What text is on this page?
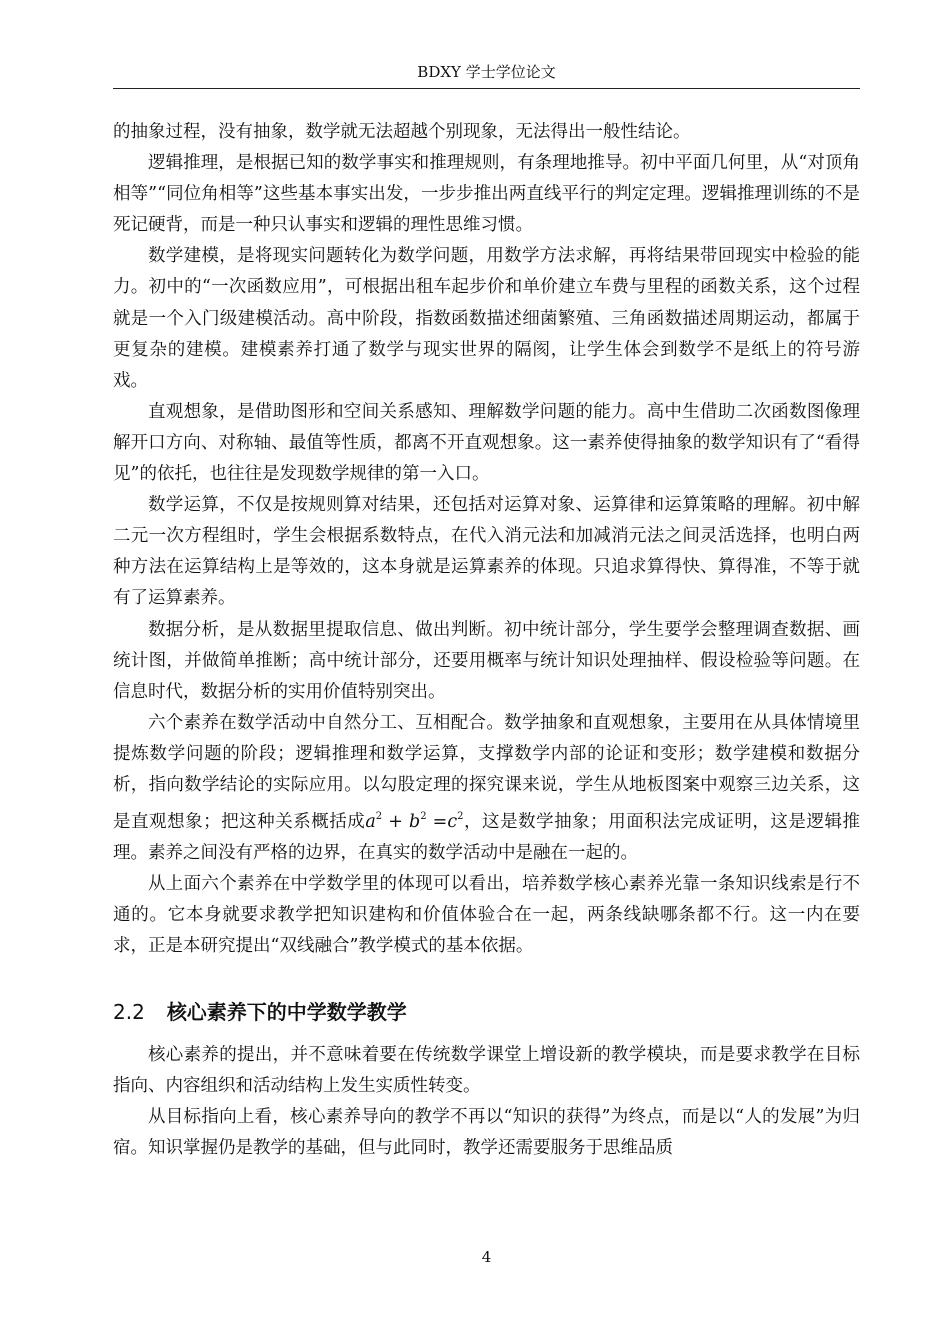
BDXY 学士学位论文

的抽象过程，没有抽象，数学就无法超越个别现象，无法得出一般性结论。

逻辑推理，是根据已知的数学事实和推理规则，有条理地推导。初中平面几何里，从“对顶角相等”“同位角相等”这些基本事实出发，一步步推出两直线平行的判定定理。逻辑推理训练的不是死记硬背，而是一种只认事实和逻辑的理性思维习惯。

数学建模，是将现实问题转化为数学问题，用数学方法求解，再将结果带回现实中检验的能力。初中的“一次函数应用”，可根据出租车起步价和单价建立车费与里程的函数关系，这个过程就是一个入门级建模活动。高中阶段，指数函数描述细菌繁殖、三角函数描述周期运动，都属于更复杂的建模。建模素养打通了数学与现实世界的隔阂，让学生体会到数学不是纸上的符号游戏。

直观想象，是借助图形和空间关系感知、理解数学问题的能力。高中生借助二次函数图像理解开口方向、对称轴、最值等性质，都离不开直观想象。这一素养使得抽象的数学知识有了“看得见”的依托，也往往是发现数学规律的第一入口。

数学运算，不仅是按规则算对结果，还包括对运算对象、运算律和运算策略的理解。初中解二元一次方程组时，学生会根据系数特点，在代入消元法和加减消元法之间灵活选择，也明白两种方法在运算结构上是等效的，这本身就是运算素养的体现。只追求算得快、算得准，不等于就有了运算素养。

数据分析，是从数据里提取信息、做出判断。初中统计部分，学生要学会整理调查数据、画统计图，并做简单推断；高中统计部分，还要用概率与统计知识处理抽样、假设检验等问题。在信息时代，数据分析的实用价值特别突出。

六个素养在数学活动中自然分工、互相配合。数学抽象和直观想象，主要用在从具体情境里提炼数学问题的阶段；逻辑推理和数学运算，支撑数学内部的论证和变形；数学建模和数据分析，指向数学结论的实际应用。以勾股定理的探究课来说，学生从地板图案中观察三边关系，这是直观想象；把这种关系概括成$a^2 + b^2 =c^2$，这是数学抽象；用面积法完成证明，这是逻辑推理。素养之间没有严格的边界，在真实的数学活动中是融在一起的。

从上面六个素养在中学数学里的体现可以看出，培养数学核心素养光靠一条知识线索是行不通的。它本身就要求教学把知识建构和价值体验合在一起，两条线缺哪条都不行。这一内在要求，正是本研究提出“双线融合”教学模式的基本依据。

2.2 核心素养下的中学数学教学

核心素养的提出，并不意味着要在传统数学课堂上增设新的教学模块，而是要求教学在目标指向、内容组织和活动结构上发生实质性转变。

从目标指向上看，核心素养导向的教学不再以“知识的获得”为终点，而是以“人的发展”为归宿。知识掌握仍是教学的基础，但与此同时，教学还需要服务于思维品质

4
